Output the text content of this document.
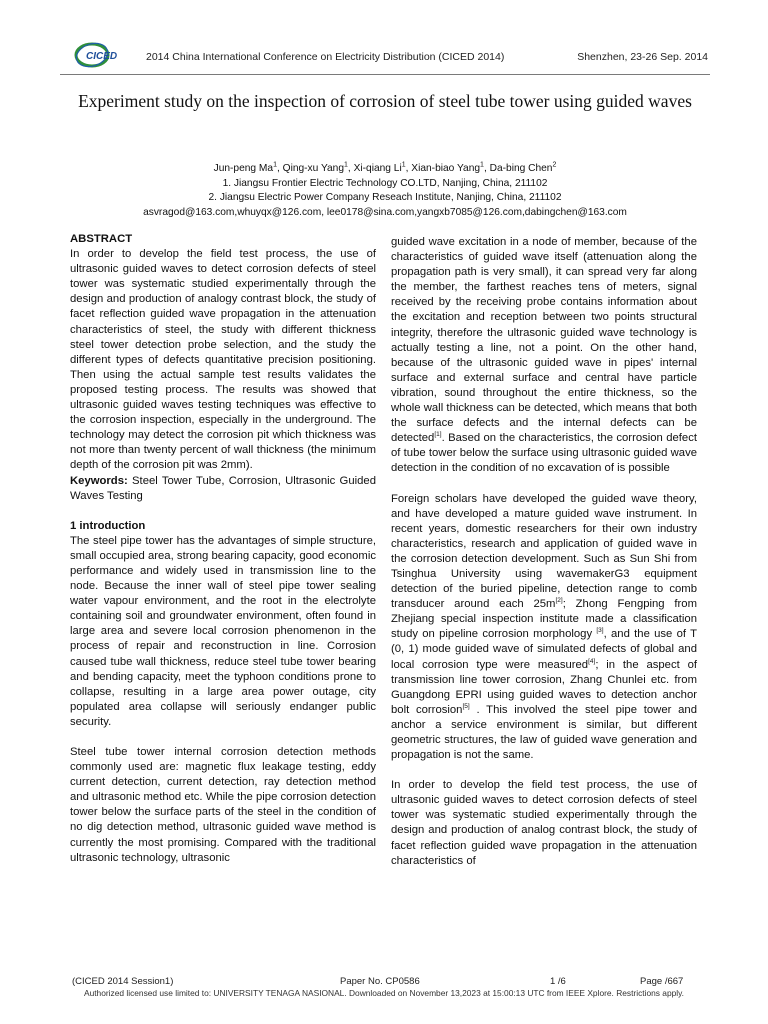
CICED	2014 China International Conference on Electricity Distribution (CICED 2014)	Shenzhen, 23-26 Sep. 2014
Experiment study on the inspection of corrosion of steel tube tower using guided waves
Jun-peng Ma$^1$, Qing-xu Yang$^1$, Xi-qiang Li$^1$, Xian-biao Yang$^1$, Da-bing Chen$^2$
1. Jiangsu Frontier Electric Technology CO.LTD, Nanjing, China, 211102
2. Jiangsu Electric Power Company Reseach Institute, Nanjing, China, 211102
asvragod@163.com,whuyqx@126.com, lee0178@sina.com,yangxb7085@126.com,dabingchen@163.com

ABSTRACT

In order to develop the field test process, the use of ultrasonic guided waves to detect corrosion defects of steel tower was systematic studied experimentally through the design and production of analogy contrast block, the study of facet reflection guided wave propagation in the attenuation characteristics of steel, the study with different thickness steel tower detection probe selection, and the study the different types of defects quantitative precision positioning. Then using the actual sample test results validates the proposed testing process. The results was showed that ultrasonic guided waves testing techniques was effective to the corrosion inspection, especially in the underground. The technology may detect the corrosion pit which thickness was not more than twenty percent of wall thickness (the minimum depth of the corrosion pit was 2mm).

Keywords: Steel Tower Tube, Corrosion, Ultrasonic Guided Waves Testing

1 introduction

The steel pipe tower has the advantages of simple structure, small occupied area, strong bearing capacity, good economic performance and widely used in transmission line to the node. Because the inner wall of steel pipe tower sealing water vapour environment, and the root in the electrolyte containing soil and groundwater environment, often found in large area and severe local corrosion phenomenon in the process of repair and reconstruction in line. Corrosion caused tube wall thickness, reduce steel tube tower bearing and bending capacity, meet the typhoon conditions prone to collapse, resulting in a large area power outage, city populated area collapse will seriously endanger public security.

Steel tube tower internal corrosion detection methods commonly used are: magnetic flux leakage testing, eddy current detection, current detection, ray detection method and ultrasonic method etc. While the pipe corrosion detection tower below the surface parts of the steel in the condition of no dig detection method, ultrasonic guided wave method is currently the most promising. Compared with the traditional ultrasonic technology, ultrasonic

guided wave excitation in a node of member, because of the characteristics of guided wave itself (attenuation along the propagation path is very small), it can spread very far along the member, the farthest reaches tens of meters, signal received by the receiving probe contains information about the excitation and reception between two points structural integrity, therefore the ultrasonic guided wave technology is actually testing a line, not a point. On the other hand, because of the ultrasonic guided wave in pipes' internal surface and external surface and central have particle vibration, sound throughout the entire thickness, so the whole wall thickness can be detected, which means that both the surface defects and the internal defects can be detected[1]. Based on the characteristics, the corrosion defect of tube tower below the surface using ultrasonic guided wave detection in the condition of no excavation of is possible

Foreign scholars have developed the guided wave theory, and have developed a mature guided wave instrument. In recent years, domestic researchers for their own industry characteristics, research and application of guided wave in the corrosion detection development. Such as Sun Shi from Tsinghua University using wavemakerG3 equipment detection of the buried pipeline, detection range to comb transducer around each 25m[2]; Zhong Fengping from Zhejiang special inspection institute made a classification study on pipeline corrosion morphology [3], and the use of T (0, 1) mode guided wave of simulated defects of global and local corrosion type were measured[4]; in the aspect of transmission line tower corrosion, Zhang Chunlei etc. from Guangdong EPRI using guided waves to detection anchor bolt corrosion[5] . This involved the steel pipe tower and anchor a service environment is similar, but different geometric structures, the law of guided wave generation and propagation is not the same.

In order to develop the field test process, the use of ultrasonic guided waves to detect corrosion defects of steel tower was systematic studied experimentally through the design and production of analog contrast block, the study of facet reflection guided wave propagation in the attenuation characteristics of

(CICED 2014 Session1)	Paper No. CP0586	1 /6	Page /667
Authorized licensed use limited to: UNIVERSITY TENAGA NASIONAL. Downloaded on November 13,2023 at 15:00:13 UTC from IEEE Xplore. Restrictions apply.
